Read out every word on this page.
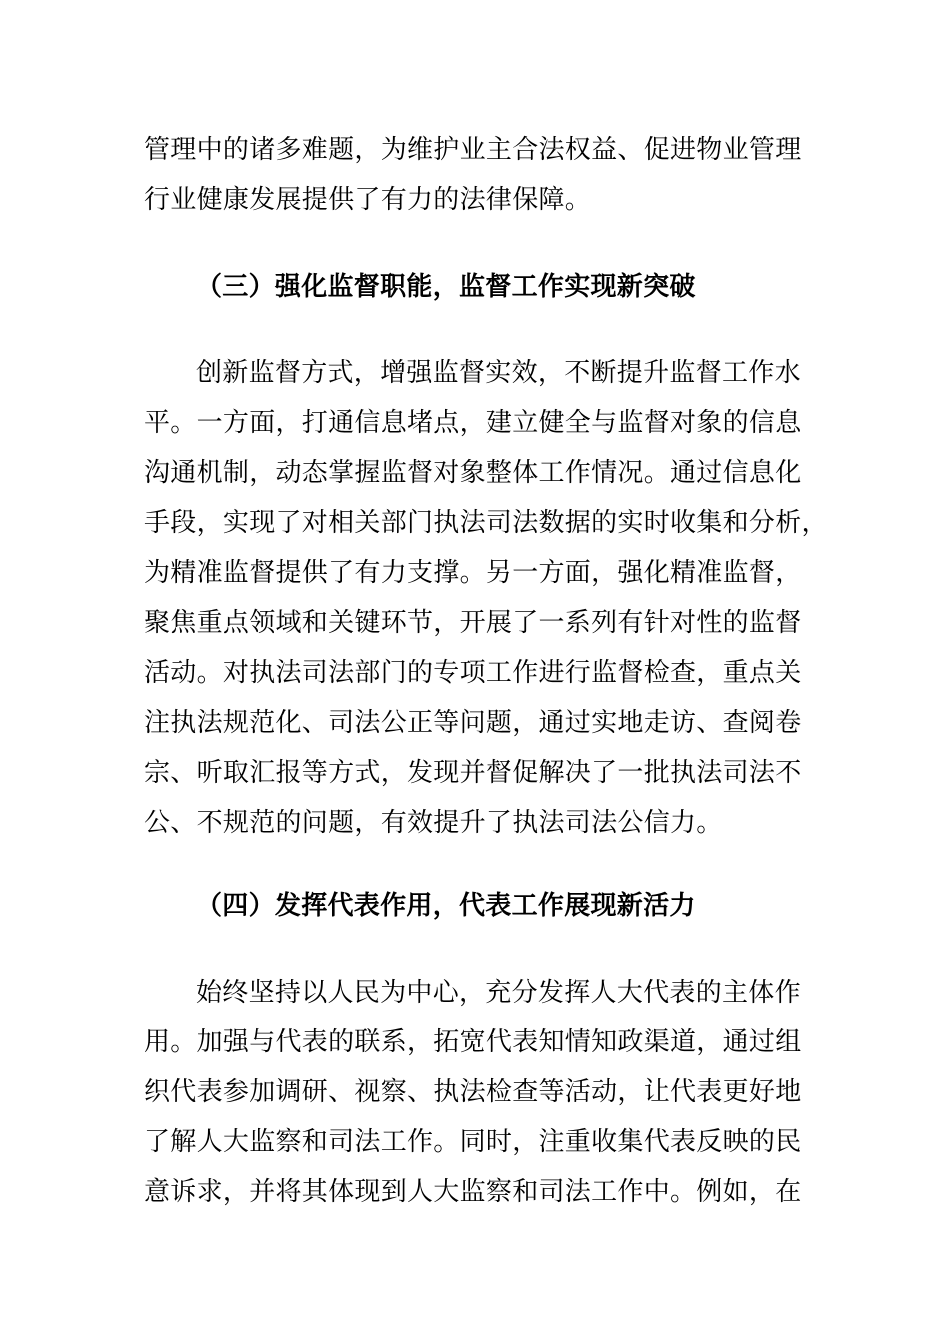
管理中的诸多难题，为维护业主合法权益、促进物业管理
行业健康发展提供了有力的法律保障。
（三）强化监督职能，监督工作实现新突破
创新监督方式，增强监督实效，不断提升监督工作水
平。一方面，打通信息堵点，建立健全与监督对象的信息
沟通机制，动态掌握监督对象整体工作情况。通过信息化
手段，实现了对相关部门执法司法数据的实时收集和分析，
为精准监督提供了有力支撑。另一方面，强化精准监督，
聚焦重点领域和关键环节，开展了一系列有针对性的监督
活动。对执法司法部门的专项工作进行监督检查，重点关
注执法规范化、司法公正等问题，通过实地走访、查阅卷
宗、听取汇报等方式，发现并督促解决了一批执法司法不
公、不规范的问题，有效提升了执法司法公信力。
（四）发挥代表作用，代表工作展现新活力
始终坚持以人民为中心，充分发挥人大代表的主体作
用。加强与代表的联系，拓宽代表知情知政渠道，通过组
织代表参加调研、视察、执法检查等活动，让代表更好地
了解人大监察和司法工作。同时，注重收集代表反映的民
意诉求，并将其体现到人大监察和司法工作中。例如，在
